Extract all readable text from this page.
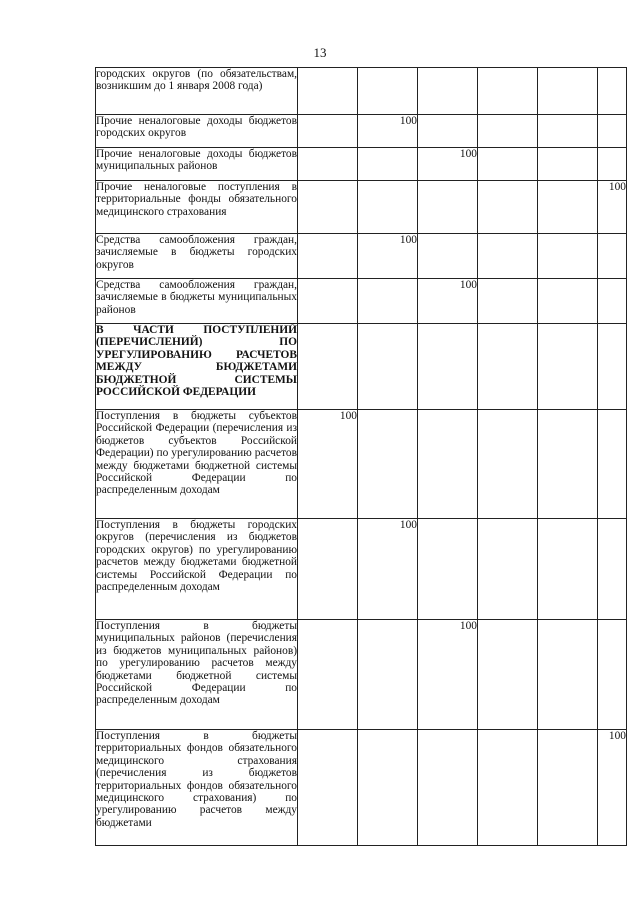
13
городских округов (по обязательствам, возникшим до 1 января 2008 года)						
Прочие неналоговые доходы бюджетов городских округов		100				
Прочие неналоговые доходы бюджетов муниципальных районов			100			
Прочие неналоговые поступления в территориальные фонды обязательного медицинского страхования						100
Средства самообложения граждан, зачисляемые в бюджеты городских округов		100				
Средства самообложения граждан, зачисляемые в бюджеты муниципальных районов			100			
В ЧАСТИ ПОСТУПЛЕНИЙ (ПЕРЕЧИСЛЕНИЙ) ПО УРЕГУЛИРОВАНИЮ РАСЧЕТОВ МЕЖДУ БЮДЖЕТАМИ БЮДЖЕТНОЙ СИСТЕМЫ РОССИЙСКОЙ ФЕДЕРАЦИИ						
Поступления в бюджеты субъектов Российской Федерации (перечисления из бюджетов субъектов Российской Федерации) по урегулированию расчетов между бюджетами бюджетной системы Российской Федерации по распределенным доходам	100					
Поступления в бюджеты городских округов (перечисления из бюджетов городских округов) по урегулированию расчетов между бюджетами бюджетной системы Российской Федерации по распределенным доходам		100				
Поступления в бюджеты муниципальных районов (перечисления из бюджетов муниципальных районов) по урегулированию расчетов между бюджетами бюджетной системы Российской Федерации по распределенным доходам			100			
Поступления в бюджеты территориальных фондов обязательного медицинского страхования (перечисления из бюджетов территориальных фондов обязательного медицинского страхования) по урегулированию расчетов между бюджетами						100
